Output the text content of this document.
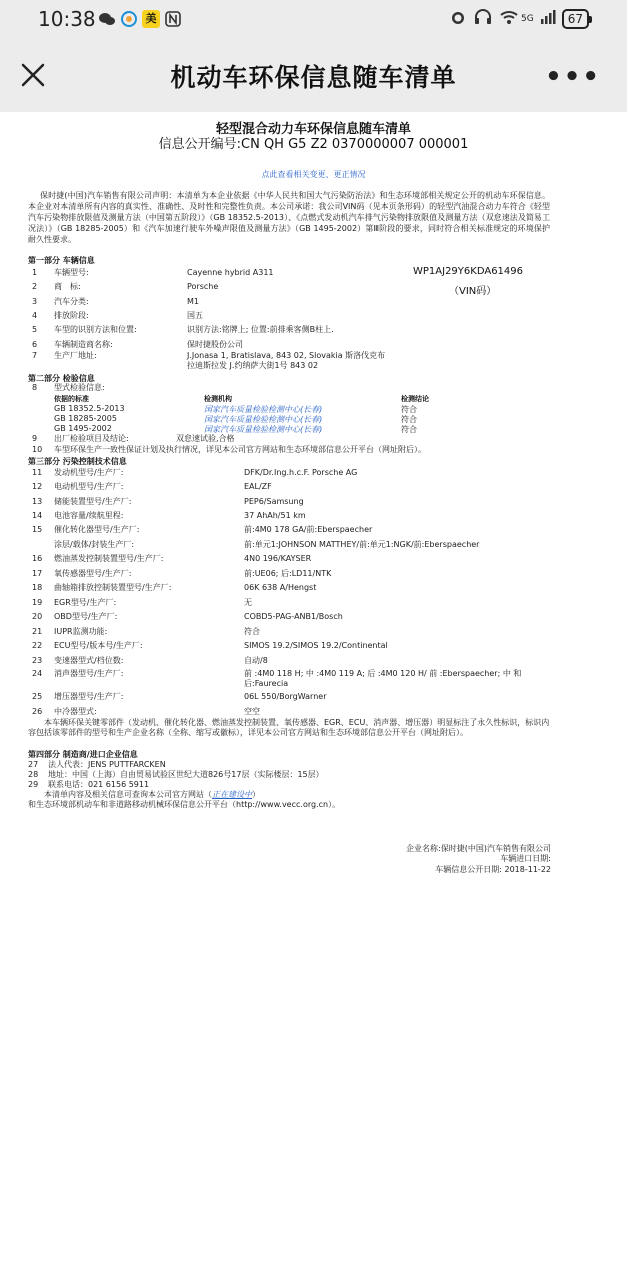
10:38	美	5G	67
机动车环保信息随车清单	•••
轻型混合动力车环保信息随车清单
信息公开编号:CN QH G5 Z2 0370000007 000001
点此查看相关变更、更正情况
保时捷(中国)汽车销售有限公司声明：本清单为本企业依据《中华人民共和国大气污染防治法》和生态环境部相关规定公开的机动车环保信息。本企业对本清单所有内容的真实性、准确性、及时性和完整性负责。本公司承诺：我公司VIN码（见本页条形码）的轻型汽油混合动力车符合《轻型汽车污染物排放限值及测量方法（中国第五阶段）》（GB 18352.5-2013）、《点燃式发动机汽车排气污染物排放限值及测量方法（双怠速法及简易工况法）》（GB 18285-2005）和《汽车加速行驶车外噪声限值及测量方法》（GB 1495-2002）第Ⅲ阶段的要求，同时符合相关标准规定的环境保护耐久性要求。
第一部分 车辆信息
1	车辆型号:	Cayenne hybrid A311
2	商　标:	Porsche
3	汽车分类:	M1
4	排放阶段:	国五
5	车型的识别方法和位置:	识别方法:铭牌上; 位置:前排乘客侧B柱上.
6	车辆制造商名称:	保时捷股份公司
7	生产厂地址:	J.Jonasa 1, Bratislava, 843 02, Slovakia 斯洛伐克布
拉迪斯拉发 J.约纳萨大街1号 843 02
WP1AJ29Y6KDA61496
（VIN码）
第二部分 检验信息
8	型式检验信息:
依据的标准	检测机构	检测结论
GB 18352.5-2013	国家汽车质量检验检测中心(长春)	符合
GB 18285-2005	国家汽车质量检验检测中心(长春)	符合
GB 1495-2002	国家汽车质量检验检测中心(长春)	符合
9	出厂检验项目及结论:	双怠速试验,合格
10	车型环保生产一致性保证计划及执行情况，详见本公司官方网站和生态环境部信息公开平台（网址附后）。
第三部分 污染控制技术信息
11	发动机型号/生产厂:	DFK/Dr.Ing.h.c.F. Porsche AG
12	电动机型号/生产厂:	EAL/ZF
13	储能装置型号/生产厂:	PEP6/Samsung
14	电池容量/续航里程:	37 AhAh/51 km
15	催化转化器型号/生产厂:	前:4M0 178 GA/前:Eberspaecher
涂层/载体/封装生产厂:	前:单元1:JOHNSON MATTHEY/前:单元1:NGK/前:Eberspaecher
16	燃油蒸发控制装置型号/生产厂:	4N0 196/KAYSER
17	氧传感器型号/生产厂:	前:UE06; 后:LD11/NTK
18	曲轴箱排放控制装置型号/生产厂:	06K 638 A/Hengst
19	EGR型号/生产厂:	无
20	OBD型号/生产厂:	COBD5-PAG-ANB1/Bosch
21	IUPR监测功能:	符合
22	ECU型号/版本号/生产厂:	SIMOS 19.2/SIMOS 19.2/Continental
23	变速器型式/档位数:	自动/8
24	消声器型号/生产厂:	前 :4M0 118 H; 中 :4M0 119 A; 后 :4M0 120 H/ 前 :Eberspaecher; 中 和
后:Faurecia
25	增压器型号/生产厂:	06L 550/BorgWarner
26	中冷器型式:	空空
本车辆环保关键零部件（发动机、催化转化器、燃油蒸发控制装置、氧传感器、EGR、ECU、消声器、增压器）明显标注了永久性标识，标识内容包括该零部件的型号和生产企业名称（全称、缩写或徽标），详见本公司官方网站和生态环境部信息公开平台（网址附后）。
第四部分 制造商/进口企业信息
27 法人代表：JENS PUTTFARCKEN
28 地址：中国（上海）自由贸易试验区世纪大道826号17层（实际楼层：15层）
29 联系电话：021 6156 5911
本清单内容及相关信息可查询本公司官方网站（正在建设中）
和生态环境部机动车和非道路移动机械环保信息公开平台（http://www.vecc.org.cn）。
企业名称:保时捷(中国)汽车销售有限公司
车辆进口日期:
车辆信息公开日期: 2018-11-22
